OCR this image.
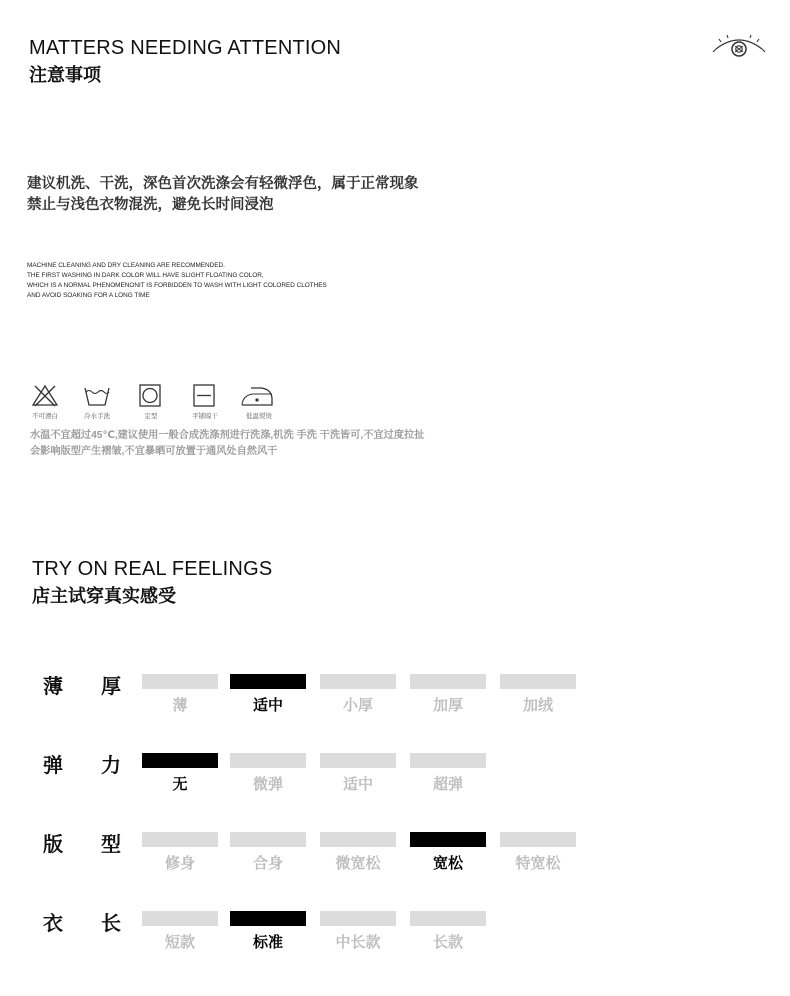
MATTERS NEEDING ATTENTION
注意事项
建议机洗、干洗，深色首次洗涤会有轻微浮色，属于正常现象
禁止与浅色衣物混洗，避免长时间浸泡
MACHINE CLEANING AND DRY CLEANING ARE RECOMMENDED.
THE FIRST WASHING IN DARK COLOR WILL HAVE SLIGHT FLOATING COLOR,
WHICH IS A NORMAL PHENOMENONIT IS FORBIDDEN TO WASH WITH LIGHT COLORED CLOTHES
AND AVOID SOAKING FOR A LONG TIME
不可漂白	冷水手洗	定型	平铺晾干	低温熨烫
水温不宜超过45℃,建议使用一般合成洗涤剂进行洗涤,机洗 手洗 干洗皆可,不宜过度拉扯
会影响版型产生褶皱,不宜暴晒可放置于通风处自然风干
TRY ON REAL FEELINGS
店主试穿真实感受
薄 厚
薄	适中	小厚	加厚	加绒
弹 力
无	微弹	适中	超弹
版 型
修身	合身	微宽松	宽松	特宽松
衣 长
短款	标准	中长款	长款
